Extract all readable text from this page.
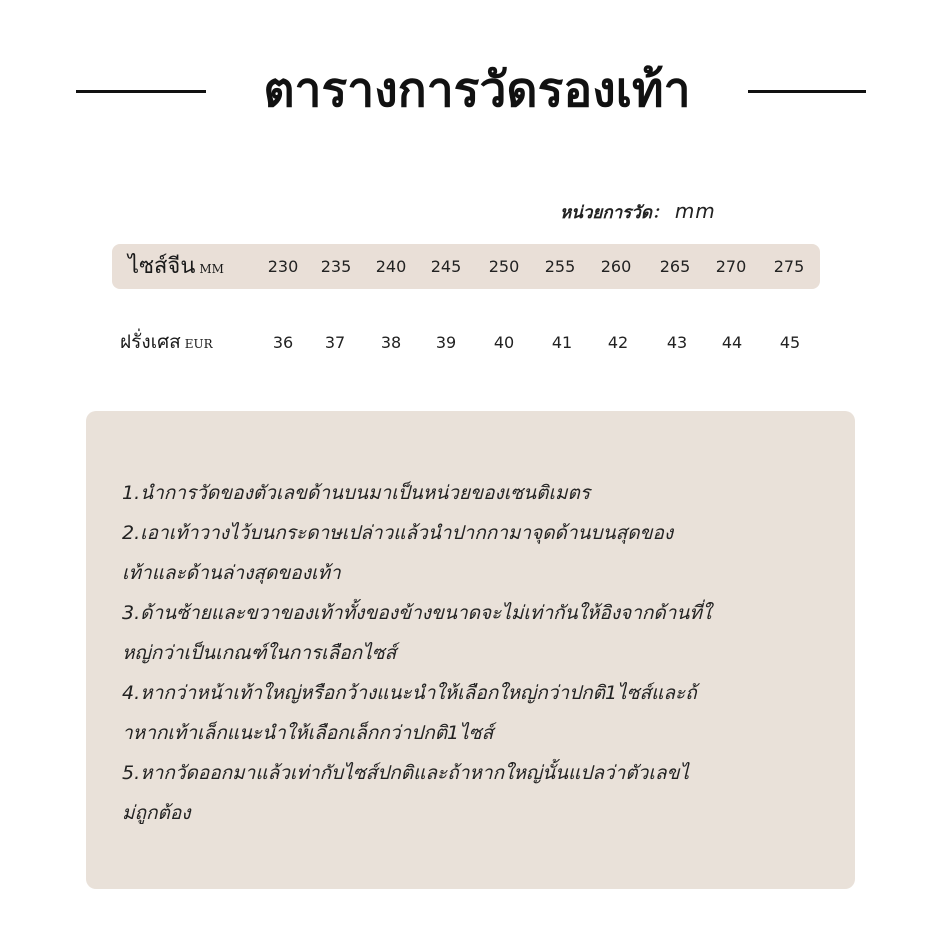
ตารางการวัดรองเท้า
หน่วยการวัด： mm
ไซส์จีน MM	230	235	240	245	250	255	260	265	270	275
ฝรั่งเศส EUR	36	37	38	39	40	41	42	43	44	45
1.นำการวัดของตัวเลขด้านบนมาเป็นหน่วยของเซนติเมตร
2.เอาเท้าวางไว้บนกระดาษเปล่าวแล้วนำปากกามาจุดด้านบนสุดของ
เท้าและด้านล่างสุดของเท้า
3.ด้านซ้ายและขวาของเท้าทั้งของข้างขนาดจะไม่เท่ากันให้อิงจากด้านที่ใ
หญ่กว่าเป็นเกณฑ์ในการเลือกไซส์
4.หากว่าหน้าเท้าใหญ่หรือกว้างแนะนำให้เลือกใหญ่กว่าปกติ1ไซส์และถ้
าหากเท้าเล็กแนะนำให้เลือกเล็กกว่าปกติ1ไซส์
5.หากวัดออกมาแล้วเท่ากับไซส์ปกติและถ้าหากใหญ่นั้นแปลว่าตัวเลขไ
ม่ถูกต้อง
